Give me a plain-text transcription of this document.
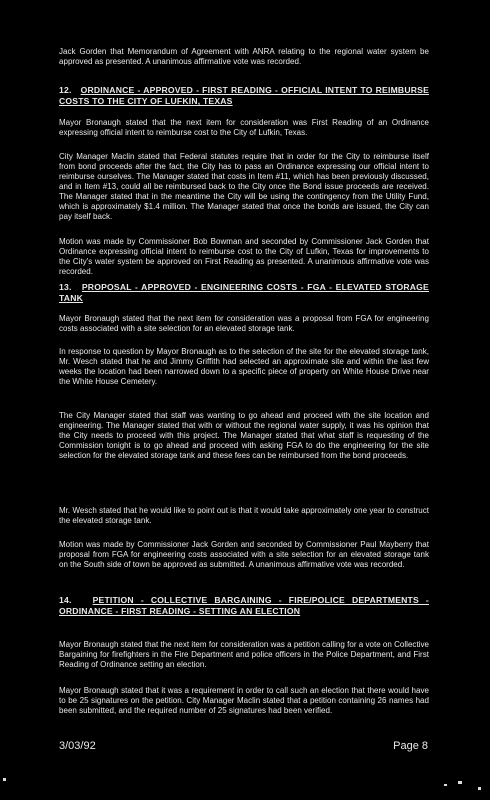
Jack Gorden that Memorandum of Agreement with ANRA relating to the regional water system be approved as presented. A unanimous affirmative vote was recorded.

12. ORDINANCE - APPROVED - FIRST READING - OFFICIAL INTENT TO REIMBURSE COSTS TO THE CITY OF LUFKIN, TEXAS

Mayor Bronaugh stated that the next item for consideration was First Reading of an Ordinance expressing official intent to reimburse cost to the City of Lufkin, Texas.

City Manager Maclin stated that Federal statutes require that in order for the City to reimburse itself from bond proceeds after the fact, the City has to pass an Ordinance expressing our official intent to reimburse ourselves. The Manager stated that costs in Item #11, which has been previously discussed, and in Item #13, could all be reimbursed back to the City once the Bond issue proceeds are received. The Manager stated that in the meantime the City will be using the contingency from the Utility Fund, which is approximately $1.4 million. The Manager stated that once the bonds are issued, the City can pay itself back.

Motion was made by Commissioner Bob Bowman and seconded by Commissioner Jack Gorden that Ordinance expressing official intent to reimburse cost to the City of Lufkin, Texas for improvements to the City's water system be approved on First Reading as presented. A unanimous affirmative vote was recorded.

13. PROPOSAL - APPROVED - ENGINEERING COSTS - FGA - ELEVATED STORAGE TANK

Mayor Bronaugh stated that the next item for consideration was a proposal from FGA for engineering costs associated with a site selection for an elevated storage tank.

In response to question by Mayor Bronaugh as to the selection of the site for the elevated storage tank, Mr. Wesch stated that he and Jimmy Griffith had selected an approximate site and within the last few weeks the location had been narrowed down to a specific piece of property on White House Drive near the White House Cemetery.

The City Manager stated that staff was wanting to go ahead and proceed with the site location and engineering. The Manager stated that with or without the regional water supply, it was his opinion that the City needs to proceed with this project. The Manager stated that what staff is requesting of the Commission tonight is to go ahead and proceed with asking FGA to do the engineering for the site selection for the elevated storage tank and these fees can be reimbursed from the bond proceeds.

Mr. Wesch stated that he would like to point out is that it would take approximately one year to construct the elevated storage tank.

Motion was made by Commissioner Jack Gorden and seconded by Commissioner Paul Mayberry that proposal from FGA for engineering costs associated with a site selection for an elevated storage tank on the South side of town be approved as submitted. A unanimous affirmative vote was recorded.

14. PETITION - COLLECTIVE BARGAINING - FIRE/POLICE DEPARTMENTS - ORDINANCE - FIRST READING - SETTING AN ELECTION

Mayor Bronaugh stated that the next item for consideration was a petition calling for a vote on Collective Bargaining for firefighters in the Fire Department and police officers in the Police Department, and First Reading of Ordinance setting an election.

Mayor Bronaugh stated that it was a requirement in order to call such an election that there would have to be 25 signatures on the petition. City Manager Maclin stated that a petition containing 26 names had been submitted, and the required number of 25 signatures had been verified.

3/03/92	Page 8
